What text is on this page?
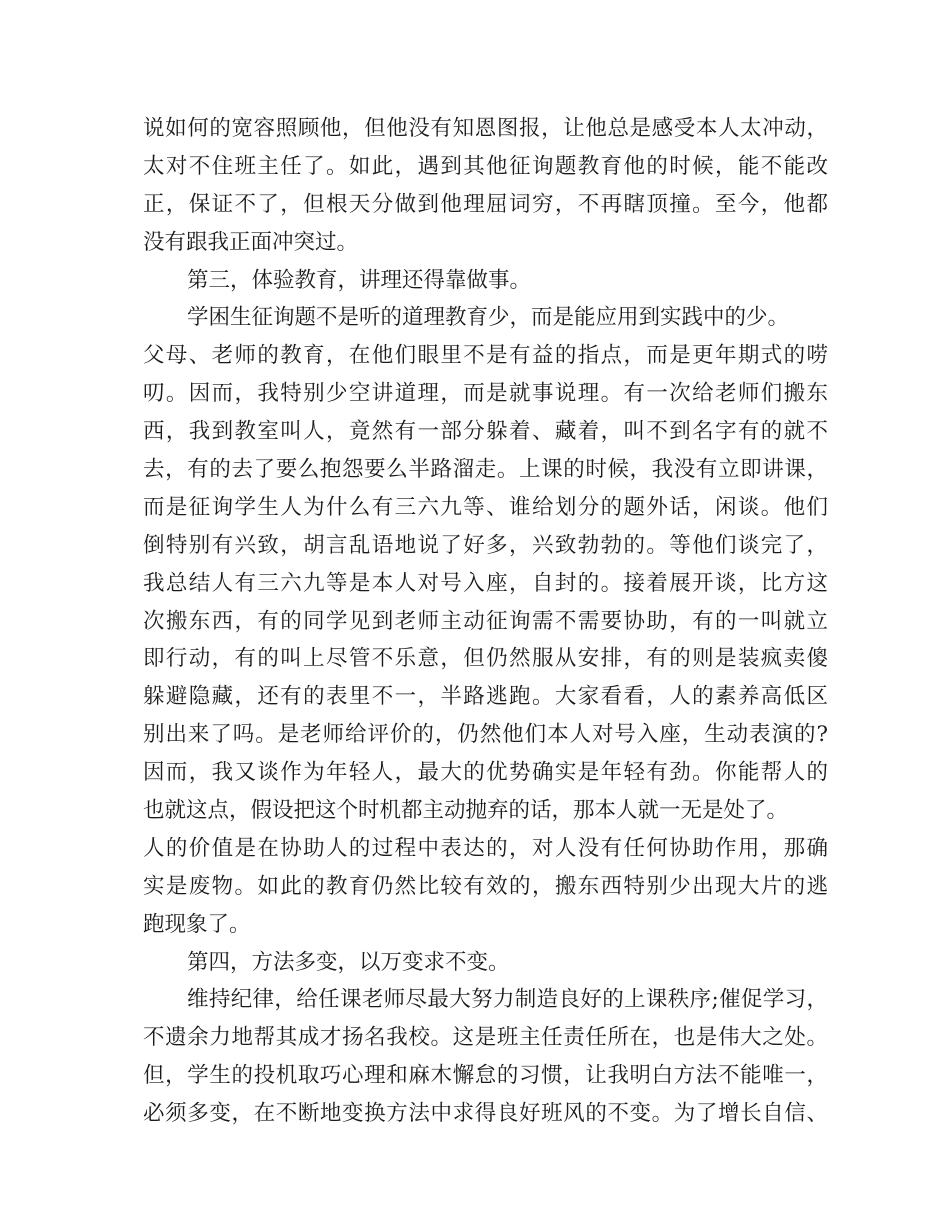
说如何的宽容照顾他，但他没有知恩图报，让他总是感受本人太冲动，
太对不住班主任了。如此，遇到其他征询题教育他的时候，能不能改
正，保证不了，但根天分做到他理屈词穷，不再瞎顶撞。至今，他都
没有跟我正面冲突过。
第三，体验教育，讲理还得靠做事。
学困生征询题不是听的道理教育少，而是能应用到实践中的少。
父母、老师的教育，在他们眼里不是有益的指点，而是更年期式的唠
叨。因而，我特别少空讲道理，而是就事说理。有一次给老师们搬东
西，我到教室叫人，竟然有一部分躲着、藏着，叫不到名字有的就不
去，有的去了要么抱怨要么半路溜走。上课的时候，我没有立即讲课，
而是征询学生人为什么有三六九等、谁给划分的题外话，闲谈。他们
倒特别有兴致，胡言乱语地说了好多，兴致勃勃的。等他们谈完了，
我总结人有三六九等是本人对号入座，自封的。接着展开谈，比方这
次搬东西，有的同学见到老师主动征询需不需要协助，有的一叫就立
即行动，有的叫上尽管不乐意，但仍然服从安排，有的则是装疯卖傻
躲避隐藏，还有的表里不一，半路逃跑。大家看看，人的素养高低区
别出来了吗。是老师给评价的，仍然他们本人对号入座，生动表演的?
因而，我又谈作为年轻人，最大的优势确实是年轻有劲。你能帮人的
也就这点，假设把这个时机都主动抛弃的话，那本人就一无是处了。
人的价值是在协助人的过程中表达的，对人没有任何协助作用，那确
实是废物。如此的教育仍然比较有效的，搬东西特别少出现大片的逃
跑现象了。
第四，方法多变，以万变求不变。
维持纪律，给任课老师尽最大努力制造良好的上课秩序;催促学习，
不遗余力地帮其成才扬名我校。这是班主任责任所在，也是伟大之处。
但，学生的投机取巧心理和麻木懈怠的习惯，让我明白方法不能唯一，
必须多变，在不断地变换方法中求得良好班风的不变。为了增长自信、
